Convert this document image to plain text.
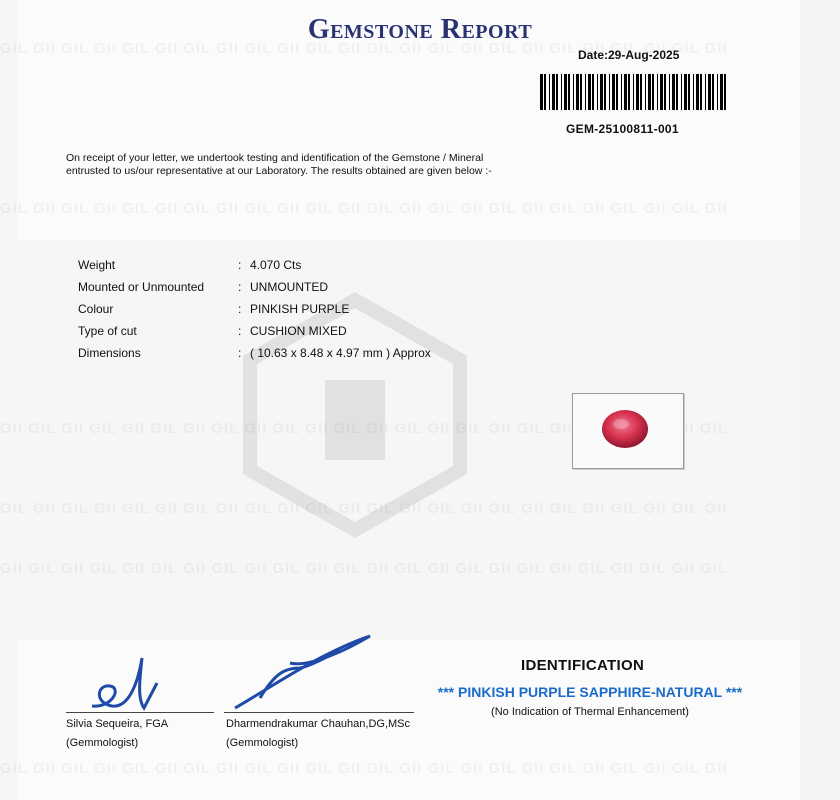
Gemstone Report
Date:29-Aug-2025
GEM-25100811-001
On receipt of your letter, we undertook testing and identification of the Gemstone / Mineral entrusted to us/our representative at our Laboratory. The results obtained are given below :-
Weight	: 4.070 Cts
Mounted or Unmounted	: UNMOUNTED
Colour	: PINKISH PURPLE
Type of cut	: CUSHION MIXED
Dimensions	: ( 10.63 x 8.48 x 4.97 mm ) Approx
Silvia Sequeira, FGA
(Gemmologist)
Dharmendrakumar Chauhan,DG,MSc
(Gemmologist)
IDENTIFICATION
*** PINKISH PURPLE SAPPHIRE-NATURAL ***
(No Indication of Thermal Enhancement)
